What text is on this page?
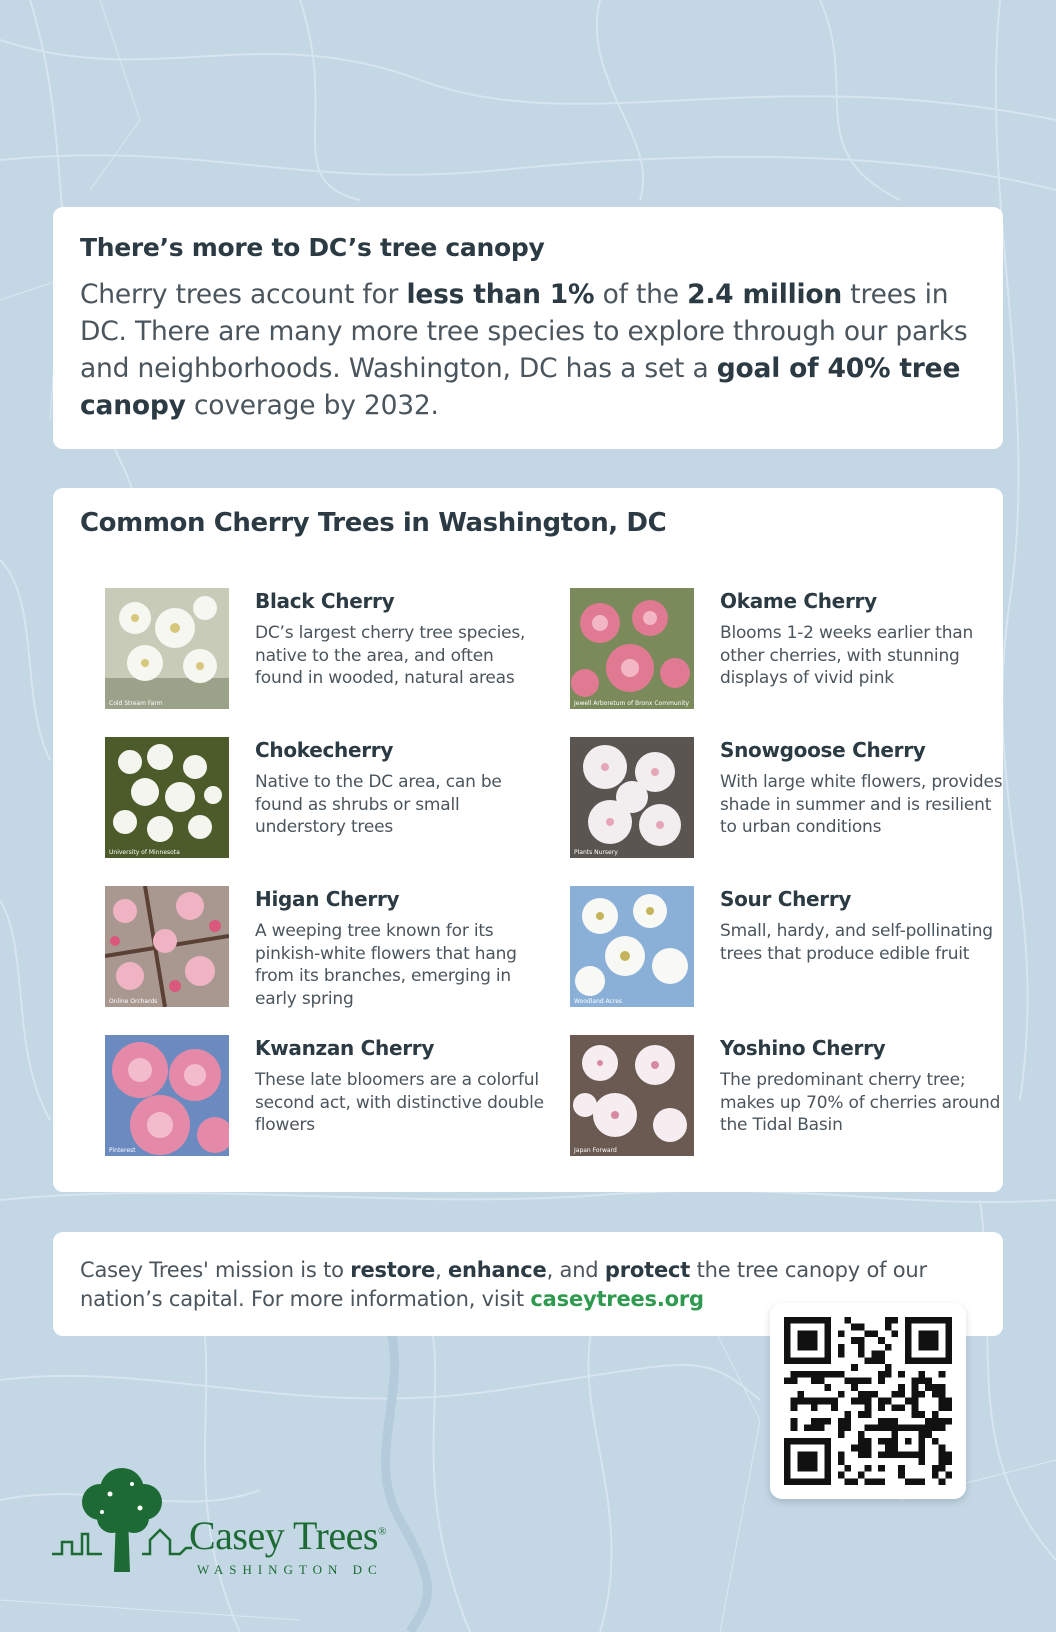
There’s more to DC’s tree canopy

Cherry trees account for less than 1% of the 2.4 million trees in DC. There are many more tree species to explore through our parks and neighborhoods. Washington, DC has a set a goal of 40% tree canopy coverage by 2032.

Common Cherry Trees in Washington, DC
Cold Stream Farm
Black Cherry
DC’s largest cherry tree species, native to the area, and often found in wooded, natural areas
Jewell Arboretum of Bronx Community
Okame Cherry
Blooms 1-2 weeks earlier than other cherries, with stunning displays of vivid pink
University of Minnesota
Chokecherry
Native to the DC area, can be found as shrubs or small understory trees
Plants Nursery
Snowgoose Cherry
With large white flowers, provides shade in summer and is resilient to urban conditions
Online Orchards
Higan Cherry
A weeping tree known for its pinkish-white flowers that hang from its branches, emerging in early spring	Woodland Acres
Sour Cherry
Small, hardy, and self-pollinating trees that produce edible fruit
Pinterest
Kwanzan Cherry
These late bloomers are a colorful second act, with distinctive double flowers
Japan Forward
Yoshino Cherry
The predominant cherry tree; makes up 70% of cherries around the Tidal Basin

Casey Trees' mission is to restore, enhance, and protect the tree canopy of our nation’s capital. For more information, visit caseytrees.org

Casey Trees®
WASHINGTON DC
